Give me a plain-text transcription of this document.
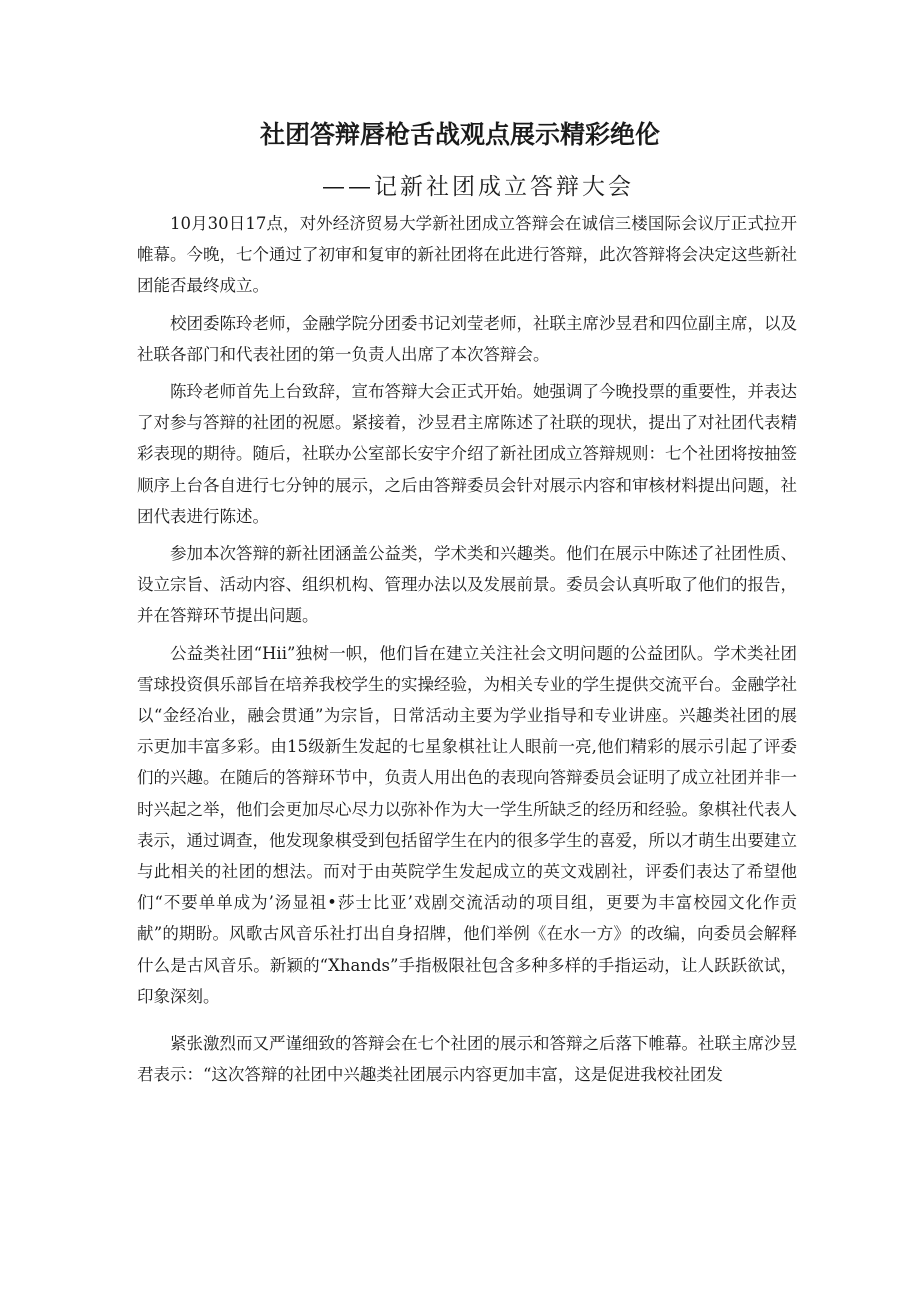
社团答辩唇枪舌战观点展示精彩绝伦
——记新社团成立答辩大会

10月30日17点，对外经济贸易大学新社团成立答辩会在诚信三楼国际会议厅正式拉开帷幕。今晚，七个通过了初审和复审的新社团将在此进行答辩，此次答辩将会决定这些新社团能否最终成立。

校团委陈玲老师，金融学院分团委书记刘莹老师，社联主席沙昱君和四位副主席，以及社联各部门和代表社团的第一负责人出席了本次答辩会。

陈玲老师首先上台致辞，宣布答辩大会正式开始。她强调了今晚投票的重要性，并表达了对参与答辩的社团的祝愿。紧接着，沙昱君主席陈述了社联的现状，提出了对社团代表精彩表现的期待。随后，社联办公室部长安宇介绍了新社团成立答辩规则：七个社团将按抽签顺序上台各自进行七分钟的展示，之后由答辩委员会针对展示内容和审核材料提出问题，社团代表进行陈述。

参加本次答辩的新社团涵盖公益类，学术类和兴趣类。他们在展示中陈述了社团性质、设立宗旨、活动内容、组织机构、管理办法以及发展前景。委员会认真听取了他们的报告，并在答辩环节提出问题。

公益类社团“Hii”独树一帜，他们旨在建立关注社会文明问题的公益团队。学术类社团雪球投资俱乐部旨在培养我校学生的实操经验，为相关专业的学生提供交流平台。金融学社以“金经冶业，融会贯通”为宗旨，日常活动主要为学业指导和专业讲座。兴趣类社团的展示更加丰富多彩。由15级新生发起的七星象棋社让人眼前一亮,他们精彩的展示引起了评委们的兴趣。在随后的答辩环节中，负责人用出色的表现向答辩委员会证明了成立社团并非一时兴起之举，他们会更加尽心尽力以弥补作为大一学生所缺乏的经历和经验。象棋社代表人表示，通过调查，他发现象棋受到包括留学生在内的很多学生的喜爱，所以才萌生出要建立与此相关的社团的想法。而对于由英院学生发起成立的英文戏剧社，评委们表达了希望他们“不要单单成为’汤显祖•莎士比亚’戏剧交流活动的项目组，更要为丰富校园文化作贡献”的期盼。风歌古风音乐社打出自身招牌，他们举例《在水一方》的改编，向委员会解释什么是古风音乐。新颖的“Xhands”手指极限社包含多种多样的手指运动，让人跃跃欲试，印象深刻。

紧张激烈而又严谨细致的答辩会在七个社团的展示和答辩之后落下帷幕。社联主席沙昱君表示：“这次答辩的社团中兴趣类社团展示内容更加丰富，这是促进我校社团发
